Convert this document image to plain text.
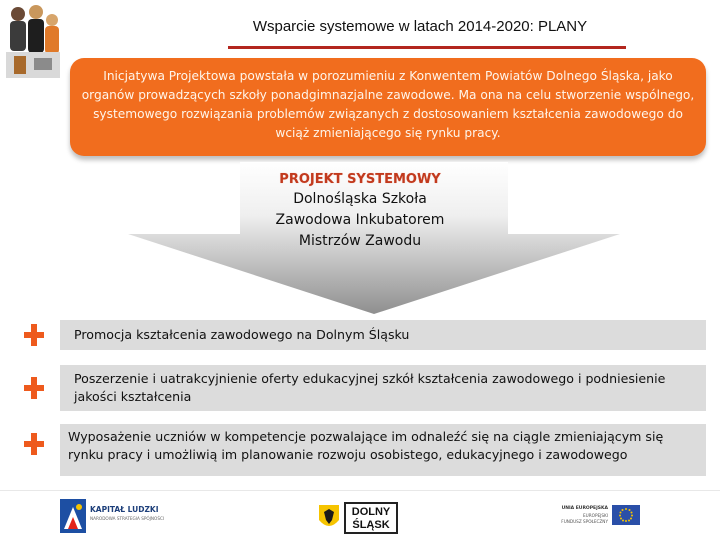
Wsparcie systemowe w latach 2014-2020: PLANY
Inicjatywa Projektowa powstała w porozumieniu z Konwentem Powiatów Dolnego Śląska, jako organów prowadzących szkoły ponadgimnazjalne zawodowe. Ma ona na celu stworzenie wspólnego, systemowego rozwiązania problemów związanych z dostosowaniem kształcenia zawodowego do wciąż zmieniającego się rynku pracy.
PROJEKT SYSTEMOWY
Dolnośląska Szkoła
Zawodowa Inkubatorem
Mistrzów Zawodu
Promocja kształcenia zawodowego na Dolnym Śląsku
Poszerzenie i uatrakcyjnienie oferty edukacyjnej szkół kształcenia zawodowego i podniesienie jakości kształcenia
Wyposażenie uczniów w kompetencje pozwalające im odnaleźć się na ciągle zmieniającym się rynku pracy i umożliwią im planowanie rozwoju osobistego, edukacyjnego i zawodowego
KAPITAŁ LUDZKI
NARODOWA STRATEGIA SPÓJNOŚCI
DOLNY
ŚLĄSK
UNIA EUROPEJSKA
EUROPEJSKI
FUNDUSZ SPOŁECZNY
